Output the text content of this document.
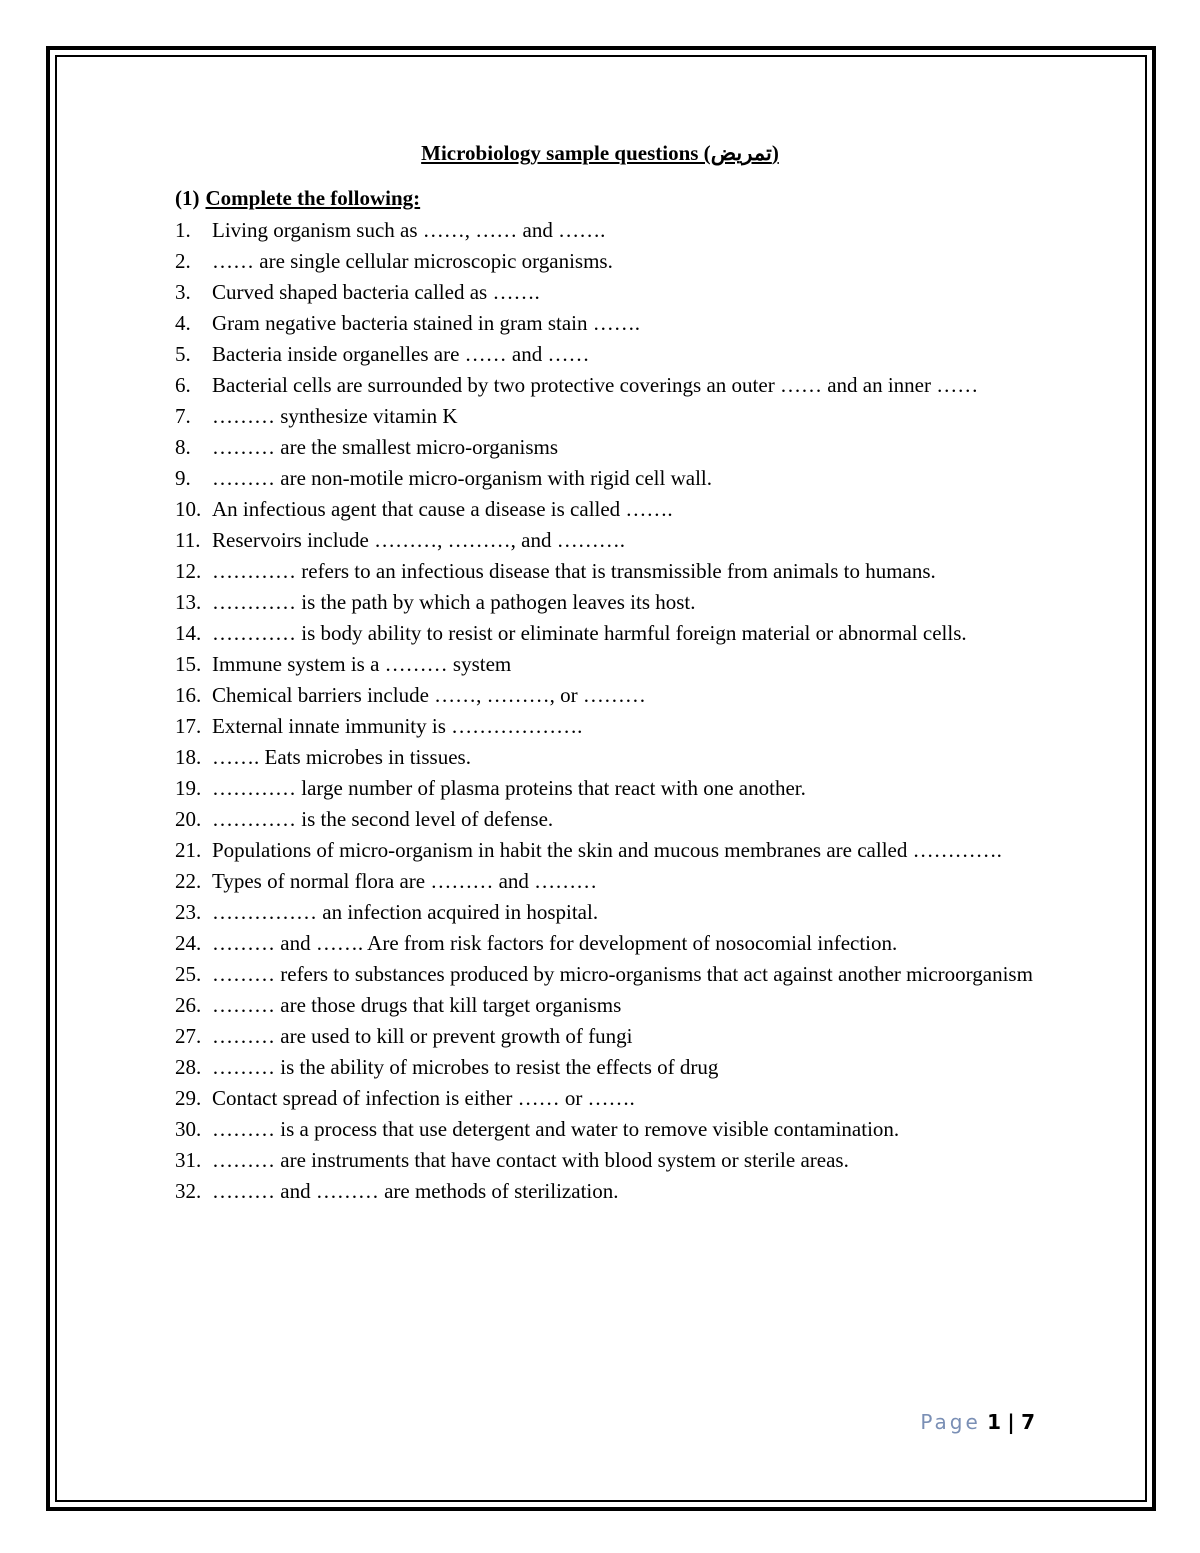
Microbiology sample questions (تمريض)
(1) Complete the following:
1. Living organism such as ……, …… and …….
2. …… are single cellular microscopic organisms.
3. Curved shaped bacteria called as …….
4. Gram negative bacteria stained in gram stain …….
5. Bacteria inside organelles are …… and ……
6. Bacterial cells are surrounded by two protective coverings an outer …… and an inner ……
7. ……… synthesize vitamin K
8. ……… are the smallest micro-organisms
9. ……… are non-motile micro-organism with rigid cell wall.
10. An infectious agent that cause a disease is called …….
11. Reservoirs include ………, ………, and ……….
12. ………… refers to an infectious disease that is transmissible from animals to humans.
13. ………… is the path by which a pathogen leaves its host.
14. ………… is body ability to resist or eliminate harmful foreign material or abnormal cells.
15. Immune system is a ……… system
16. Chemical barriers include ……, ………, or ………
17. External innate immunity is ……………….
18. ……. Eats microbes in tissues.
19. ………… large number of plasma proteins that react with one another.
20. ………… is the second level of defense.
21. Populations of micro-organism in habit the skin and mucous membranes are called ………….
22. Types of normal flora are ……… and ………
23. …………… an infection acquired in hospital.
24. ……… and ……. Are from risk factors for development of nosocomial infection.
25. ……… refers to substances produced by micro-organisms that act against another microorganism
26. ……… are those drugs that kill target organisms
27. ……… are used to kill or prevent growth of fungi
28. ……… is the ability of microbes to resist the effects of drug
29. Contact spread of infection is either …… or …….
30. ……… is a process that use detergent and water to remove visible contamination.
31. ……… are instruments that have contact with blood system or sterile areas.
32. ……… and ……… are methods of sterilization.
Page 1 | 7
